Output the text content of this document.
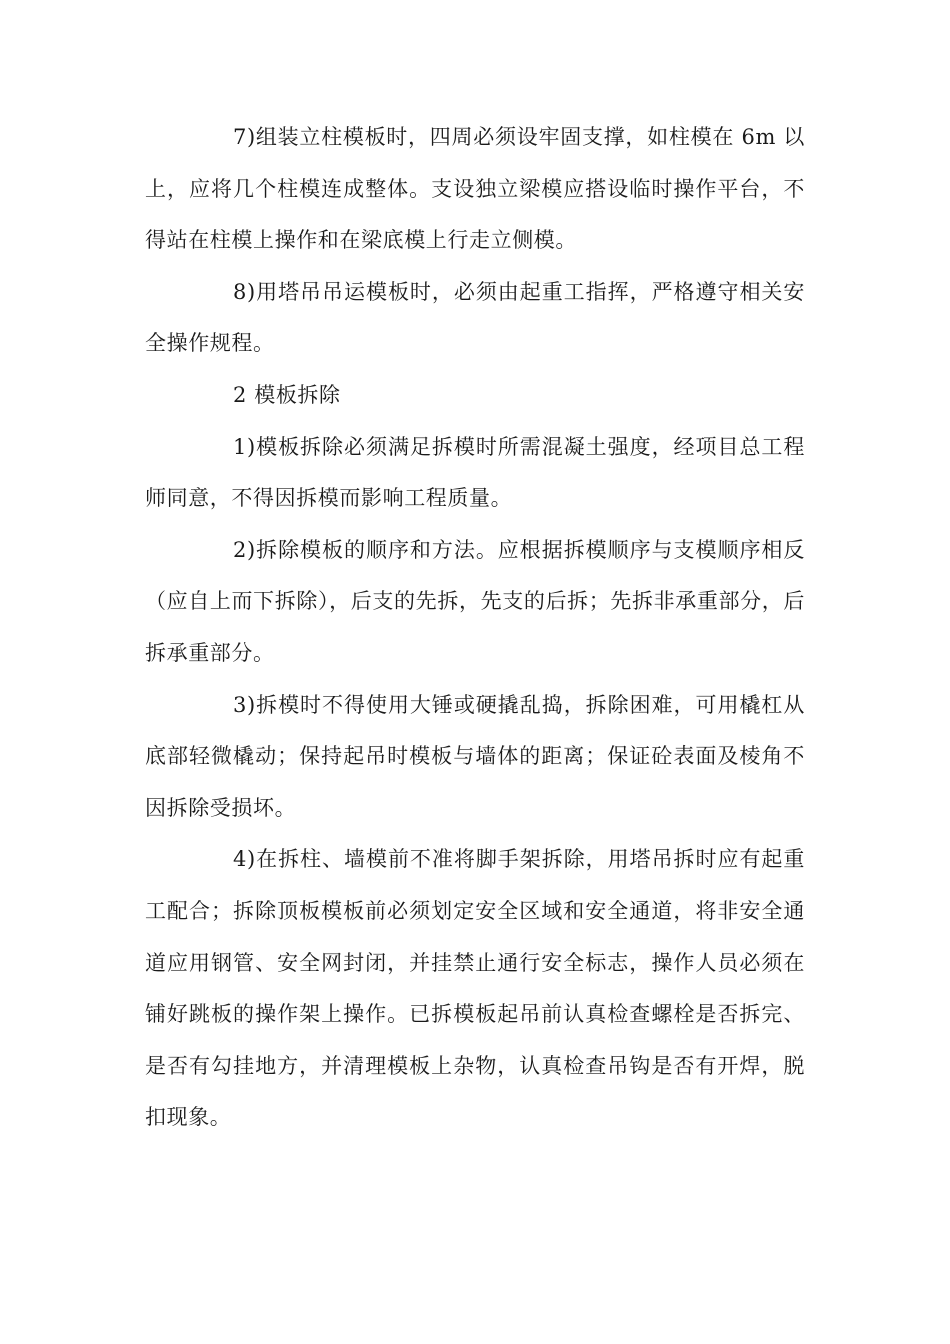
7)组装立柱模板时，四周必须设牢固支撑，如柱模在 6m 以上，应将几个柱模连成整体。支设独立梁模应搭设临时操作平台，不得站在柱模上操作和在梁底模上行走立侧模。

8)用塔吊吊运模板时，必须由起重工指挥，严格遵守相关安全操作规程。

2 模板拆除

1)模板拆除必须满足拆模时所需混凝土强度，经项目总工程师同意，不得因拆模而影响工程质量。

2)拆除模板的顺序和方法。应根据拆模顺序与支模顺序相反（应自上而下拆除），后支的先拆，先支的后拆；先拆非承重部分，后拆承重部分。

3)拆模时不得使用大锤或硬撬乱捣，拆除困难，可用橇杠从底部轻微橇动；保持起吊时模板与墙体的距离；保证砼表面及棱角不因拆除受损坏。

4)在拆柱、墙模前不准将脚手架拆除，用塔吊拆时应有起重工配合；拆除顶板模板前必须划定安全区域和安全通道，将非安全通道应用钢管、安全网封闭，并挂禁止通行安全标志，操作人员必须在铺好跳板的操作架上操作。已拆模板起吊前认真检查螺栓是否拆完、是否有勾挂地方，并清理模板上杂物，认真检查吊钩是否有开焊，脱扣现象。
